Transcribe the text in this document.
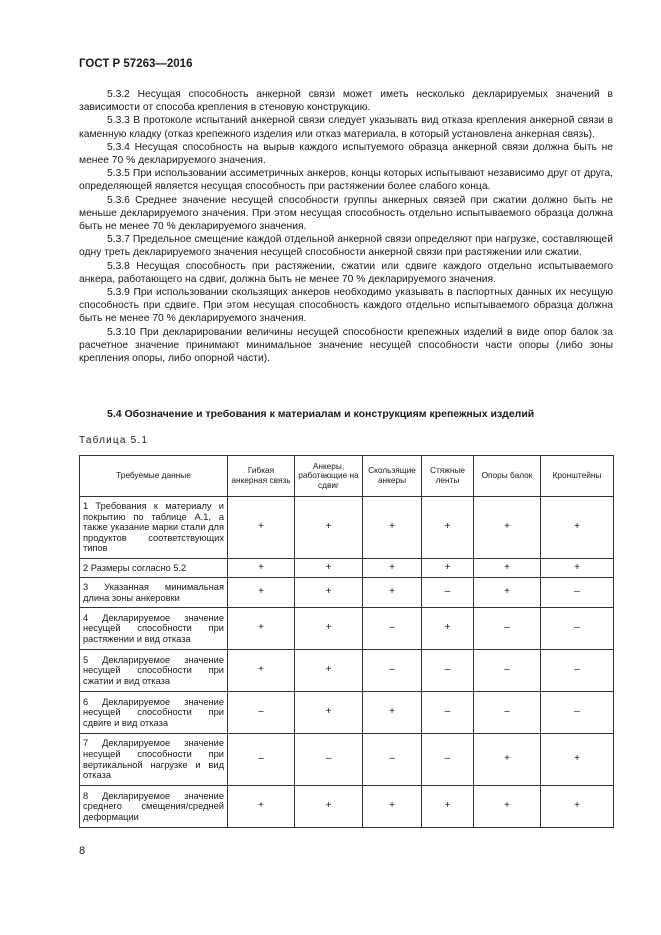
ГОСТ Р 57263—2016

5.3.2 Несущая способность анкерной связи может иметь несколько декларируемых значений в зависимости от способа крепления в стеновую конструкцию.

5.3.3 В протоколе испытаний анкерной связи следует указывать вид отказа крепления анкерной связи в каменную кладку (отказ крепежного изделия или отказ материала, в который установлена анкерная связь).

5.3.4 Несущая способность на вырыв каждого испытуемого образца анкерной связи должна быть не менее 70 % декларируемого значения.

5.3.5 При использовании ассиметричных анкеров, концы которых испытывают независимо друг от друга, определяющей является несущая способность при растяжении более слабого конца.

5.3.6 Среднее значение несущей способности группы анкерных связей при сжатии должно быть не меньше декларируемого значения. При этом несущая способность отдельно испытываемого образца должна быть не менее 70 % декларируемого значения.

5.3.7 Предельное смещение каждой отдельной анкерной связи определяют при нагрузке, составляющей одну треть декларируемого значения несущей способности анкерной связи при растяжении или сжатии.

5.3.8 Несущая способность при растяжении, сжатии или сдвиге каждого отдельно испытываемого анкера, работающего на сдвиг, должна быть не менее 70 % декларируемого значения.

5.3.9 При использовании скользящих анкеров необходимо указывать в паспортных данных их несущую способность при сдвиге. При этом несущая способность каждого отдельно испытываемого образца должна быть не менее 70 % декларируемого значения.

5.3.10 При декларировании величины несущей способности крепежных изделий в виде опор балок за расчетное значение принимают минимальное значение несущей способности части опоры (либо зоны крепления опоры, либо опорной части).

5.4 Обозначение и требования к материалам и конструкциям крепежных изделий
Таблица 5.1
Требуемые данные	Гибкая анкерная связь	Анкеры, работающие на сдвиг	Скользящие анкеры	Стяжные ленты	Опоры балок	Кронштейны
1 Требования к материалу и покрытию по таблице А.1, а также указание марки стали для продуктов соответствующих типов	+	+	+	+	+	+
2 Размеры согласно 5.2	+	+	+	+	+	+
3 Указанная минимальная длина зоны анкеровки	+	+	+	–	+	–
4 Декларируемое значение несущей способности при растяжении и вид отказа	+	+	–	+	–	–
5 Декларируемое значение несущей способности при сжатии и вид отказа	+	+	–	–	–	–
6 Декларируемое значение несущей способности при сдвиге и вид отказа	–	+	+	–	–	–
7 Декларируемое значение несущей способности при вертикальной нагрузке и вид отказа	–	–	–	–	+	+
8 Декларируемое значение среднего смещения/средней деформации	+	+	+	+	+	+
8
